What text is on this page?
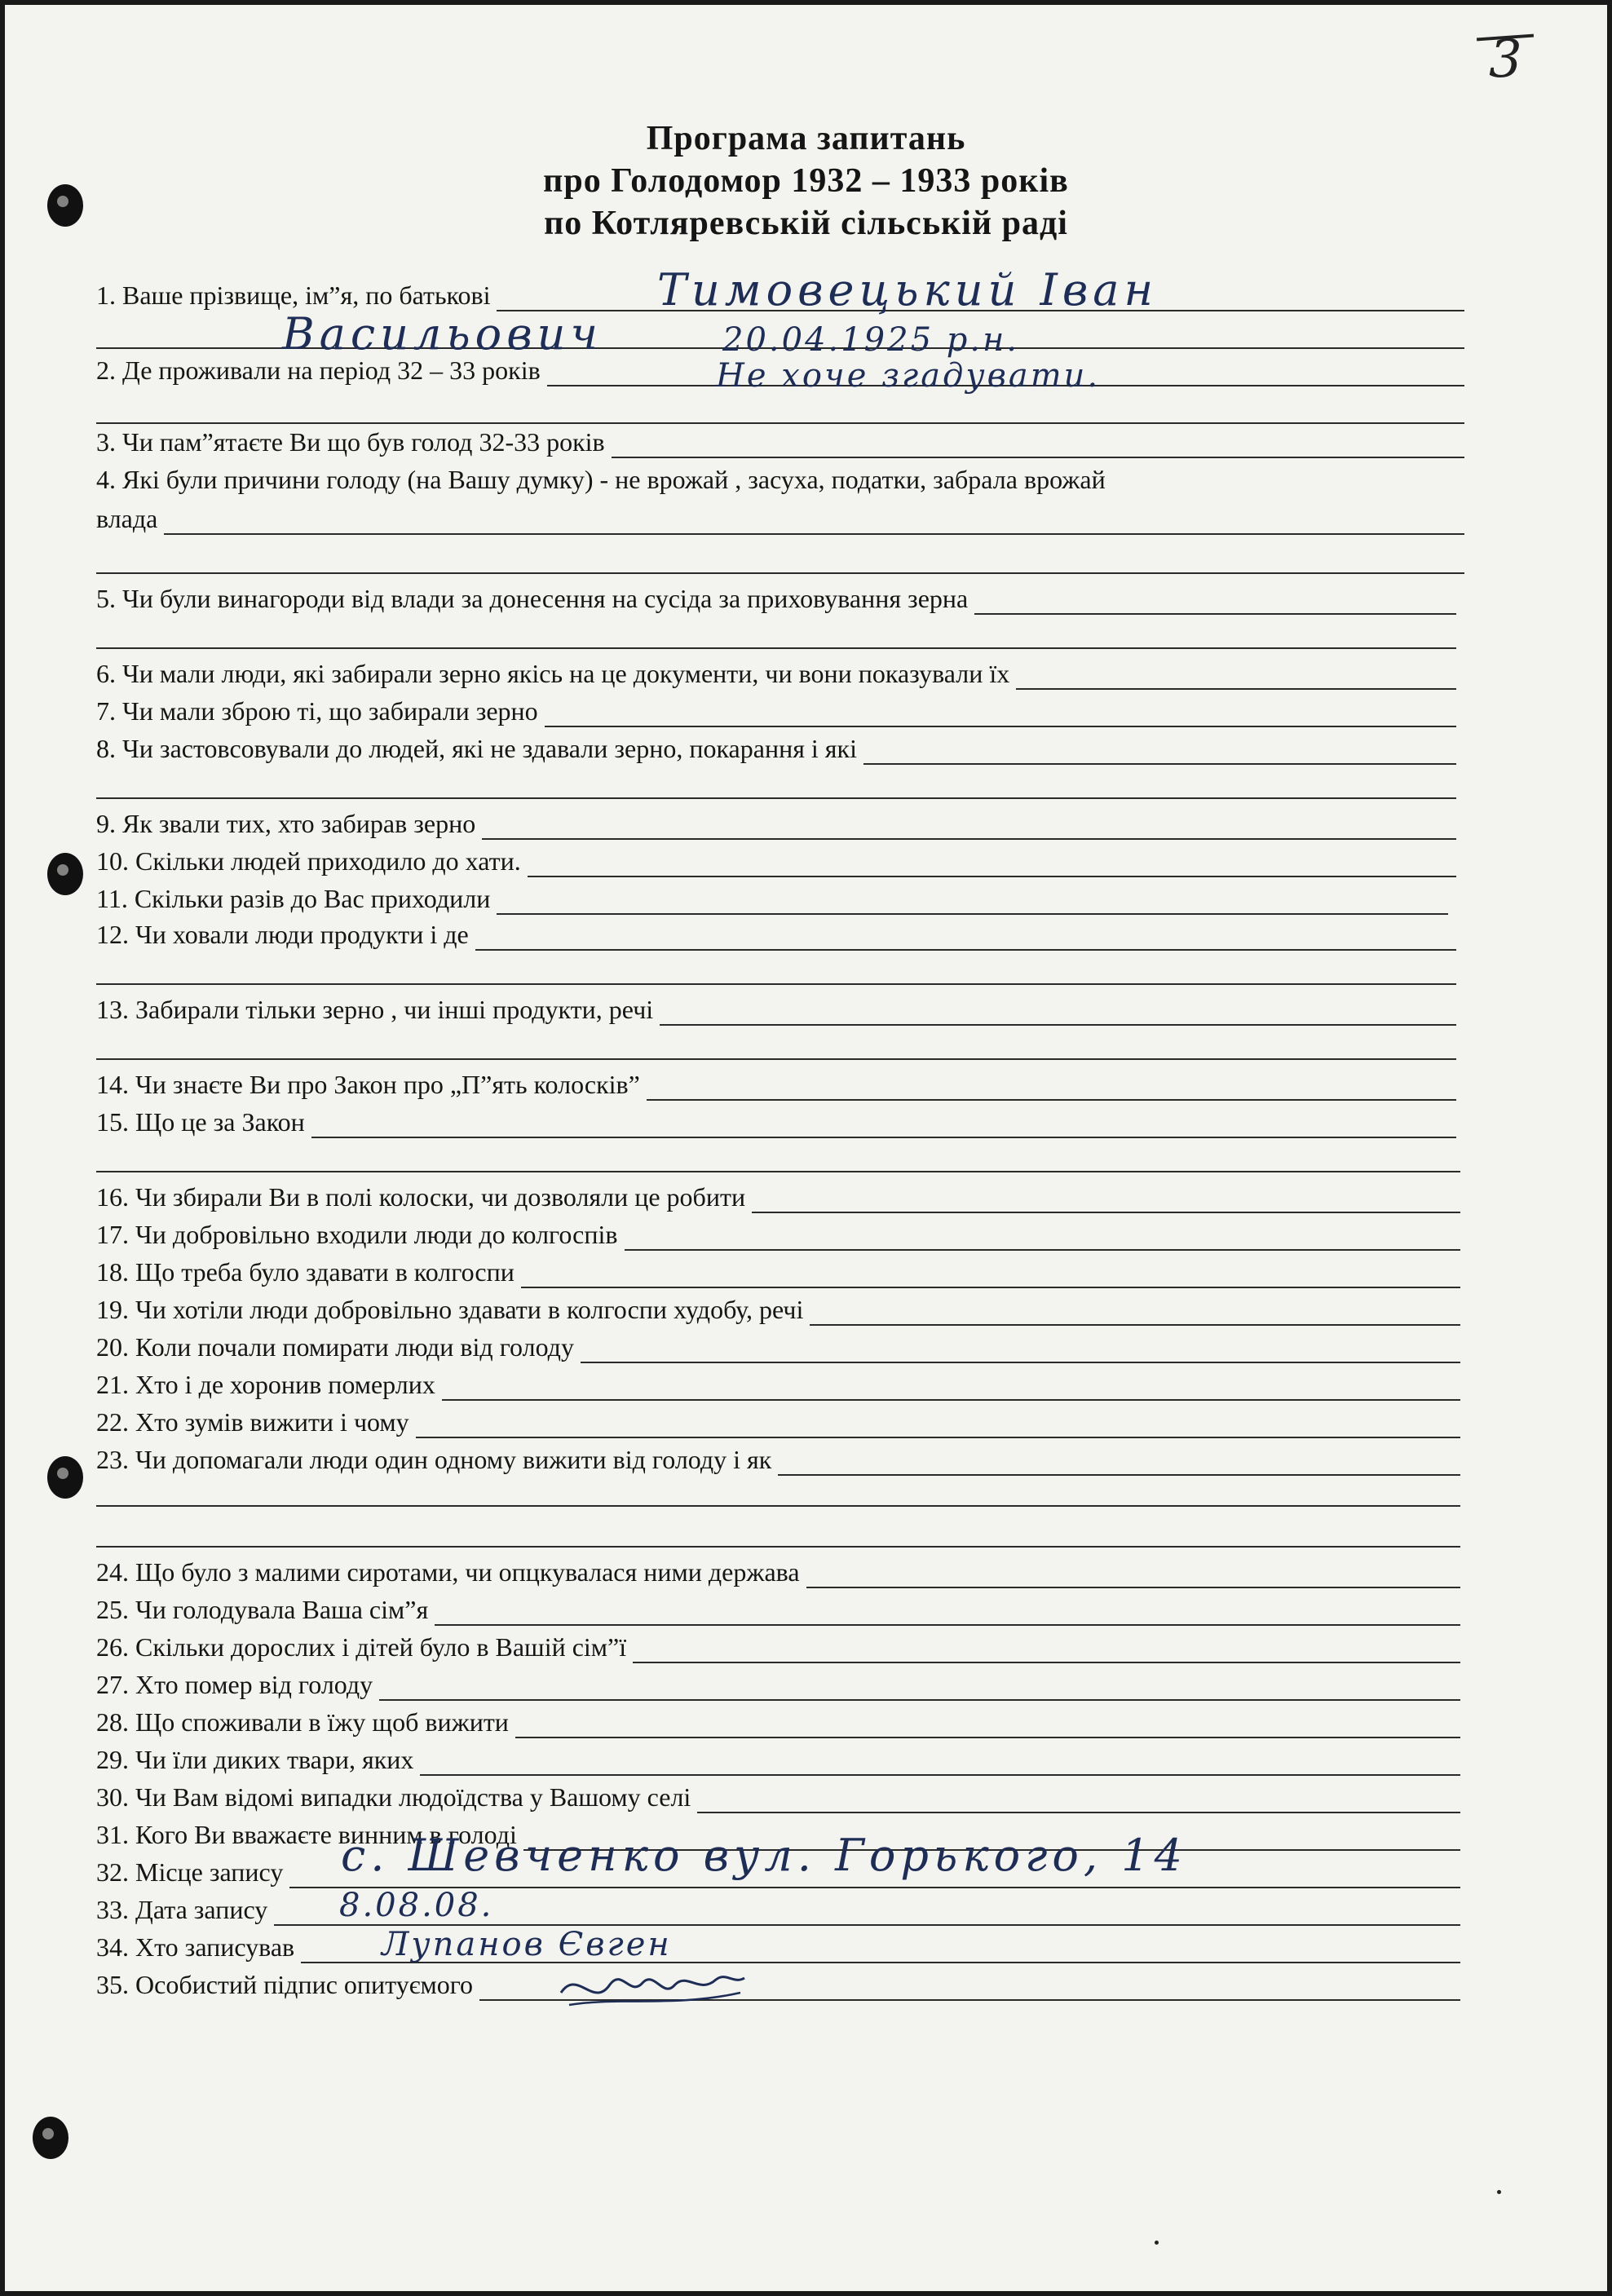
3
Програма запитань
про Голодомор 1932 – 1933 років
по Котляревській сільській раді
1. Ваше прізвище, ім”я, по батькові
2. Де проживали на період 32 – 33 років
3. Чи пам”ятаєте Ви що був голод 32-33 років
4. Які були причини голоду (на Вашу думку) - не врожай , засуха, податки, забрала врожай
влада
5. Чи були винагороди від влади за донесення на сусіда за приховування зерна
6. Чи мали люди, які забирали зерно якісь на це документи, чи вони показували їх
7. Чи мали зброю ті, що забирали зерно
8. Чи застовсовували до людей, які не здавали зерно, покарання і які
9. Як звали тих, хто забирав зерно
10. Скільки людей приходило до хати.
11. Скільки разів до Вас приходили
12. Чи ховали люди продукти і де
13. Забирали тільки зерно , чи інші продукти, речі
14. Чи знаєте Ви про Закон про „П”ять колосків”
15. Що це за Закон
16. Чи збирали Ви в полі колоски, чи дозволяли це робити
17. Чи добровільно входили люди до колгоспів
18. Що треба було здавати в колгоспи
19. Чи хотіли люди добровільно здавати в колгоспи худобу, речі
20. Коли почали помирати люди від голоду
21. Хто і де хоронив померлих
22. Хто зумів вижити і чому
23. Чи допомагали люди один одному вижити від голоду і як
24. Що було з малими сиротами, чи опцкувалася ними держава
25. Чи голодувала Ваша сім”я
26. Скільки дорослих і дітей було в Вашій сім”ї
27. Хто помер від голоду
28. Що споживали в їжу щоб вижити
29. Чи їли диких твари, яких
30. Чи Вам відомі випадки людоїдства у Вашому селі
31. Кого Ви вважаєте винним в голоді
32. Місце запису
33. Дата запису
34. Хто записував
35. Особистий підпис опитуємого
Тимовецький Іван
Васильович	20.04.1925 р.н.
Не хоче згадувати.
с. Шевченко вул. Горького, 14
8.08.08.
Лупанов Євген
